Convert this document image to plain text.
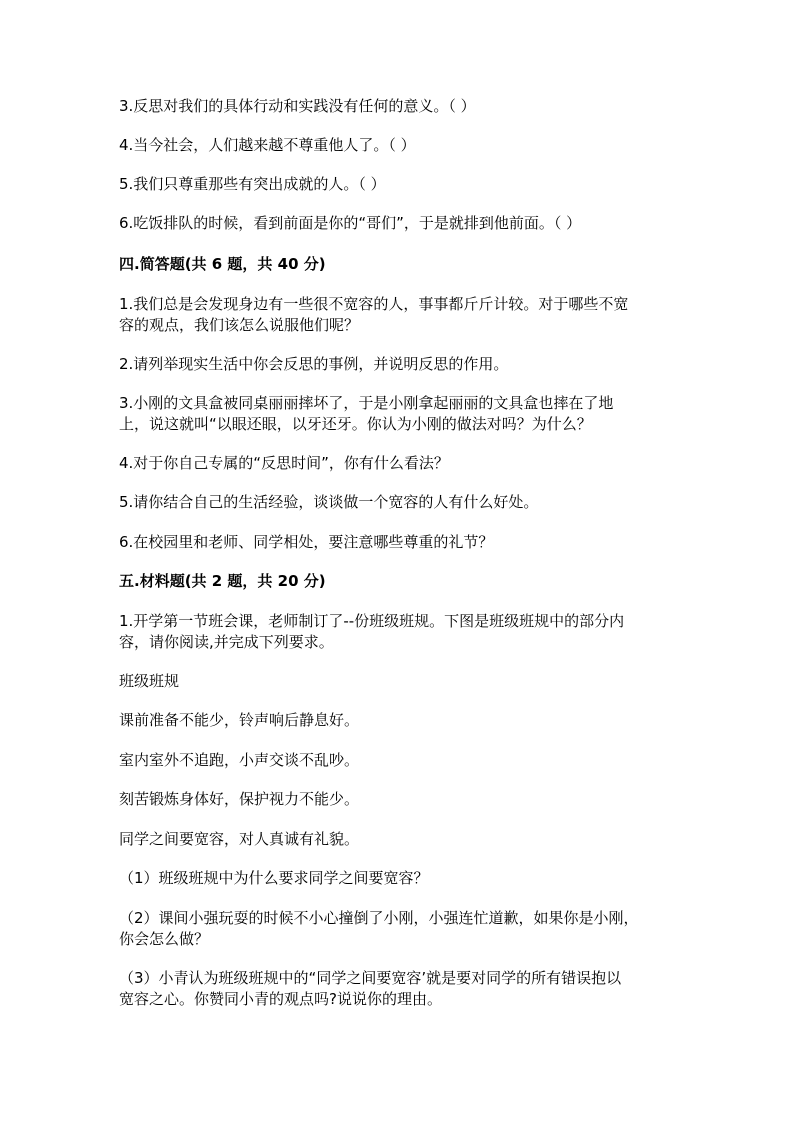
3.反思对我们的具体行动和实践没有任何的意义。（ ）
4.当今社会，人们越来越不尊重他人了。（ ）
5.我们只尊重那些有突出成就的人。（ ）
6.吃饭排队的时候，看到前面是你的“哥们”，于是就排到他前面。（ ）
四.简答题(共 6 题，共 40 分)
1.我们总是会发现身边有一些很不宽容的人，事事都斤斤计较。对于哪些不宽
容的观点，我们该怎么说服他们呢？
2.请列举现实生活中你会反思的事例，并说明反思的作用。
3.小刚的文具盒被同桌丽丽摔坏了，于是小刚拿起丽丽的文具盒也摔在了地
上，说这就叫“以眼还眼，以牙还牙。你认为小刚的做法对吗？为什么？
4.对于你自己专属的“反思时间”，你有什么看法？
5.请你结合自己的生活经验，谈谈做一个宽容的人有什么好处。
6.在校园里和老师、同学相处，要注意哪些尊重的礼节？
五.材料题(共 2 题，共 20 分)
1.开学第一节班会课，老师制订了--份班级班规。下图是班级班规中的部分内
容，请你阅读,并完成下列要求。
班级班规
课前准备不能少，铃声响后静息好。
室内室外不追跑，小声交谈不乱吵。
刻苦锻炼身体好，保护视力不能少。
同学之间要宽容，对人真诚有礼貌。
（1）班级班规中为什么要求同学之间要宽容？
（2）课间小强玩耍的时候不小心撞倒了小刚，小强连忙道歉，如果你是小刚，
你会怎么做？
（3）小青认为班级班规中的“同学之间要宽容’就是要对同学的所有错误抱以
宽容之心。你赞同小青的观点吗?说说你的理由。
